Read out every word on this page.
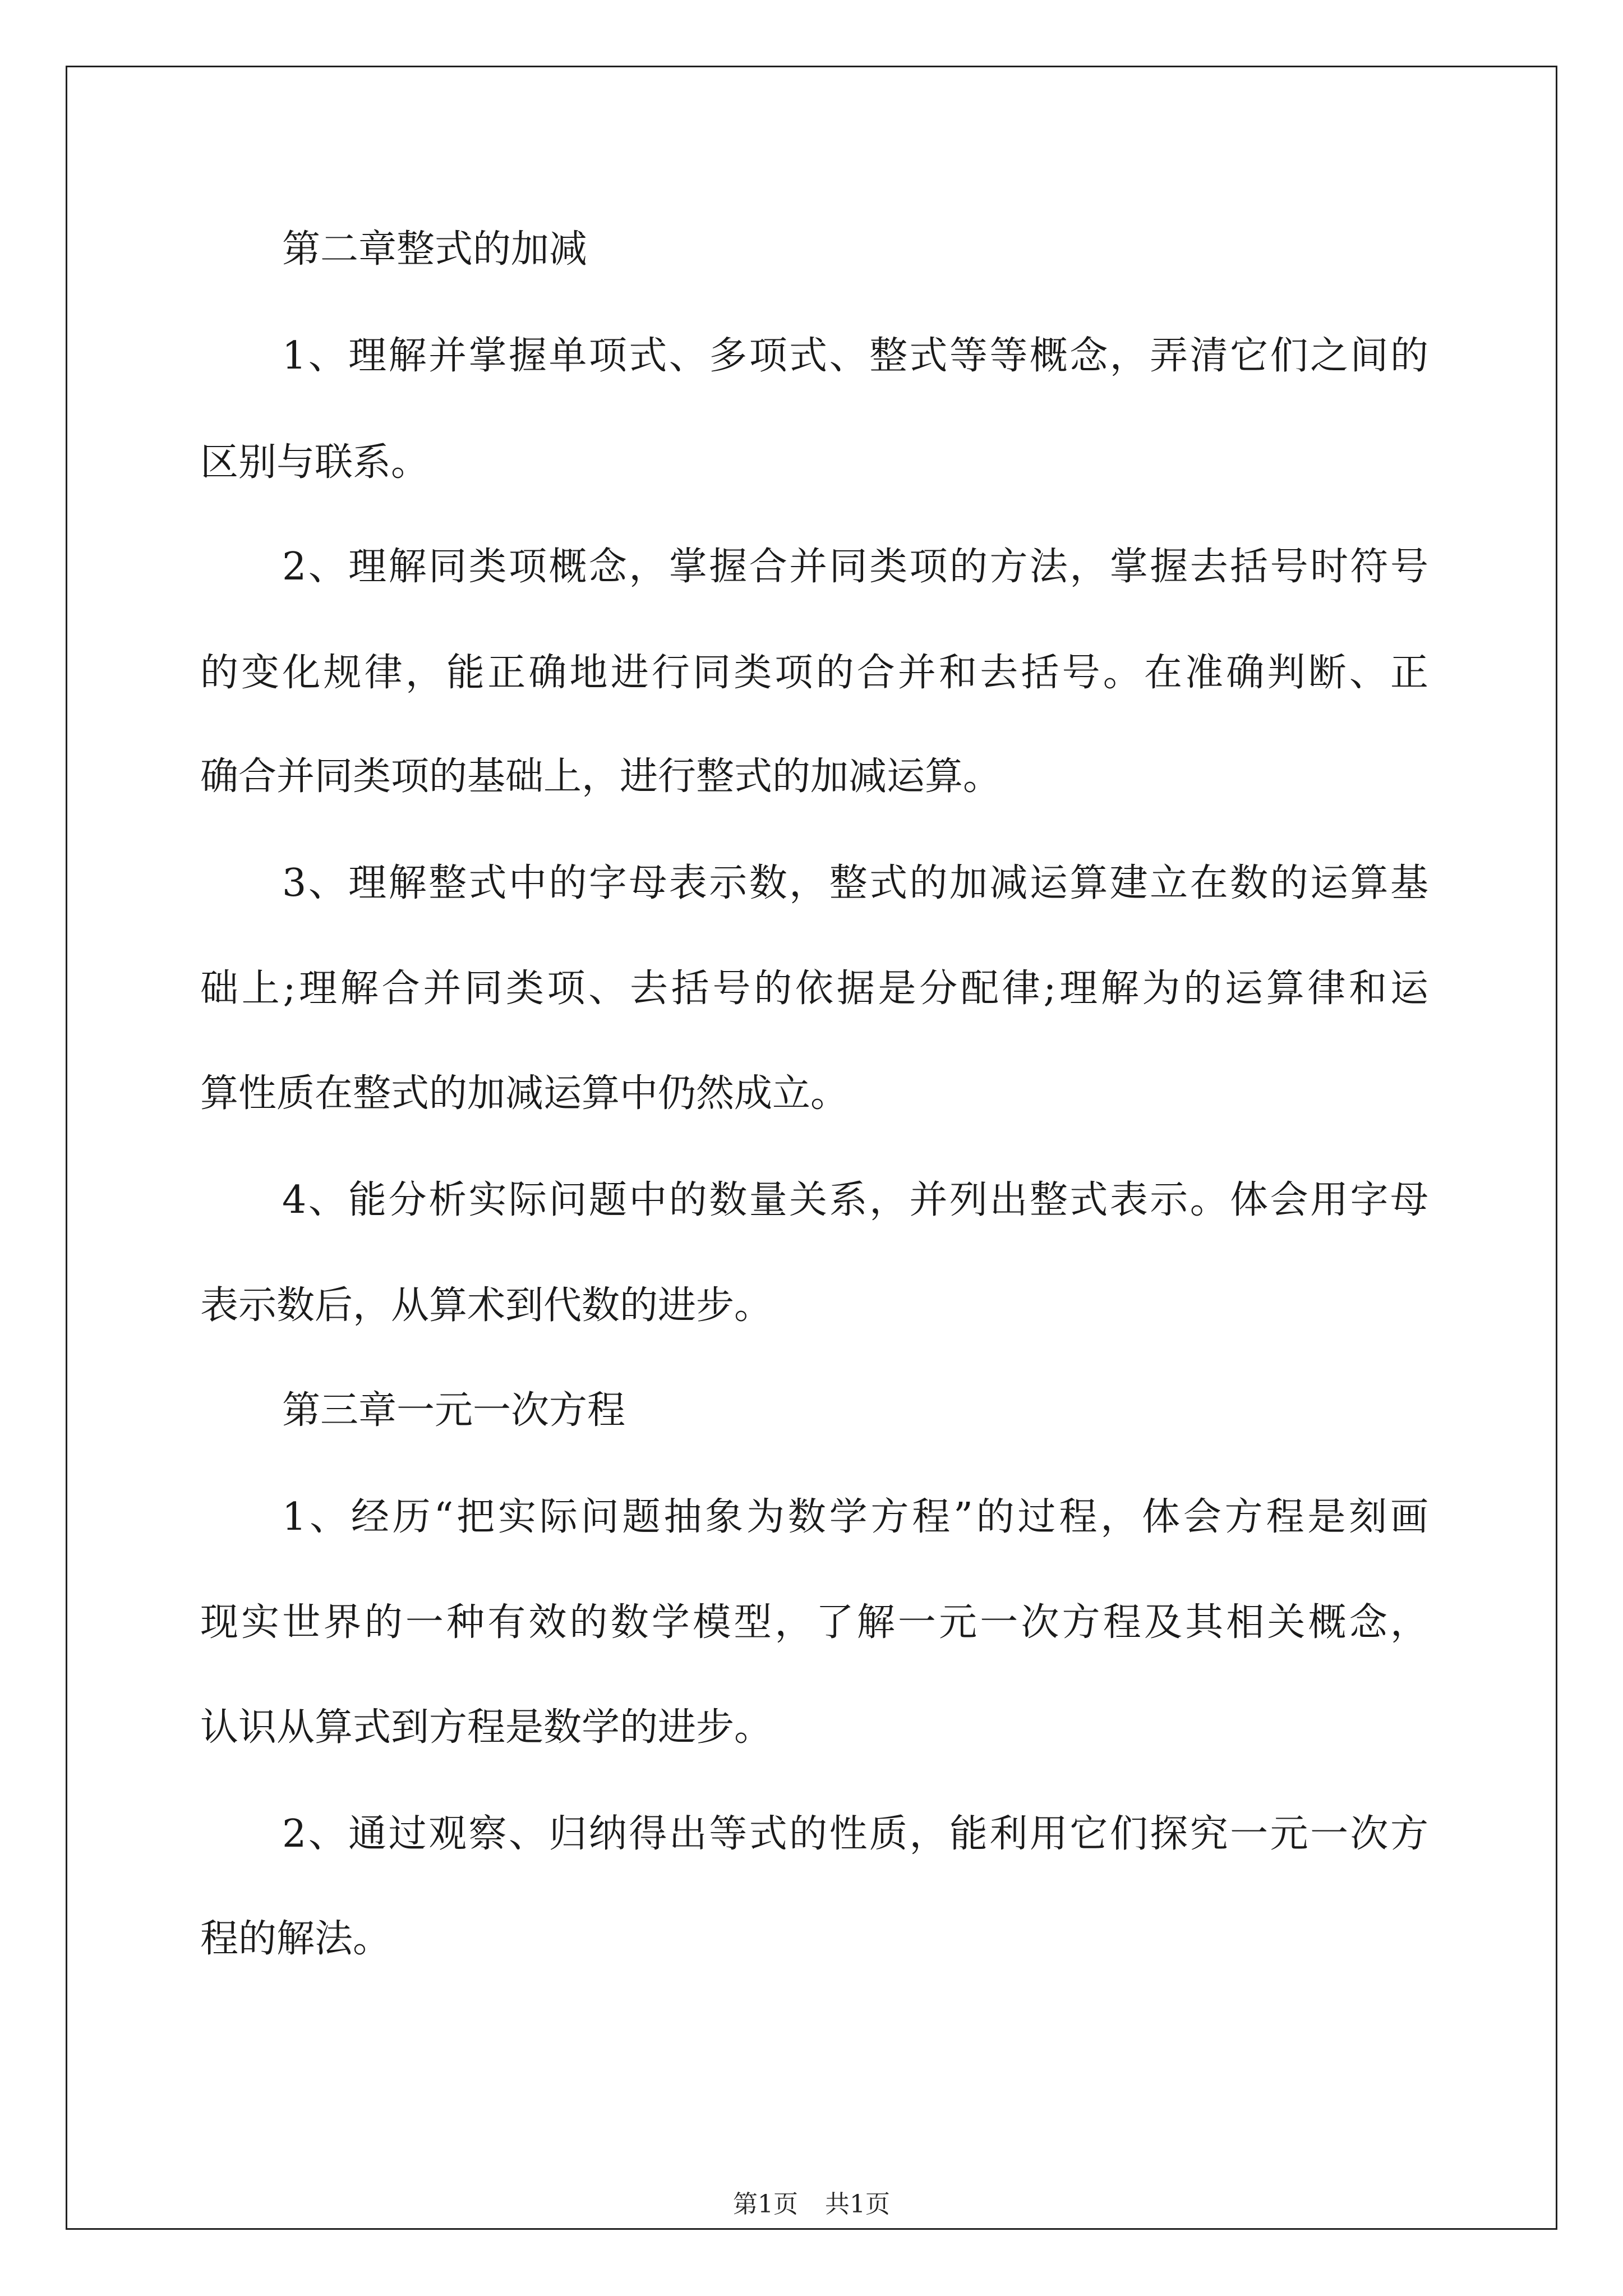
第二章整式的加减
1、理解并掌握单项式、多项式、整式等等概念，弄清它们之间的
区别与联系。
2、理解同类项概念，掌握合并同类项的方法，掌握去括号时符号
的变化规律，能正确地进行同类项的合并和去括号。在准确判断、正
确合并同类项的基础上，进行整式的加减运算。
3、理解整式中的字母表示数，整式的加减运算建立在数的运算基
础上;理解合并同类项、去括号的依据是分配律;理解为的运算律和运
算性质在整式的加减运算中仍然成立。
4、能分析实际问题中的数量关系，并列出整式表示。体会用字母
表示数后，从算术到代数的进步。
第三章一元一次方程
1、经历“把实际问题抽象为数学方程”的过程，体会方程是刻画
现实世界的一种有效的数学模型，了解一元一次方程及其相关概念，
认识从算式到方程是数学的进步。
2、通过观察、归纳得出等式的性质，能利用它们探究一元一次方
程的解法。
第1页 共1页
